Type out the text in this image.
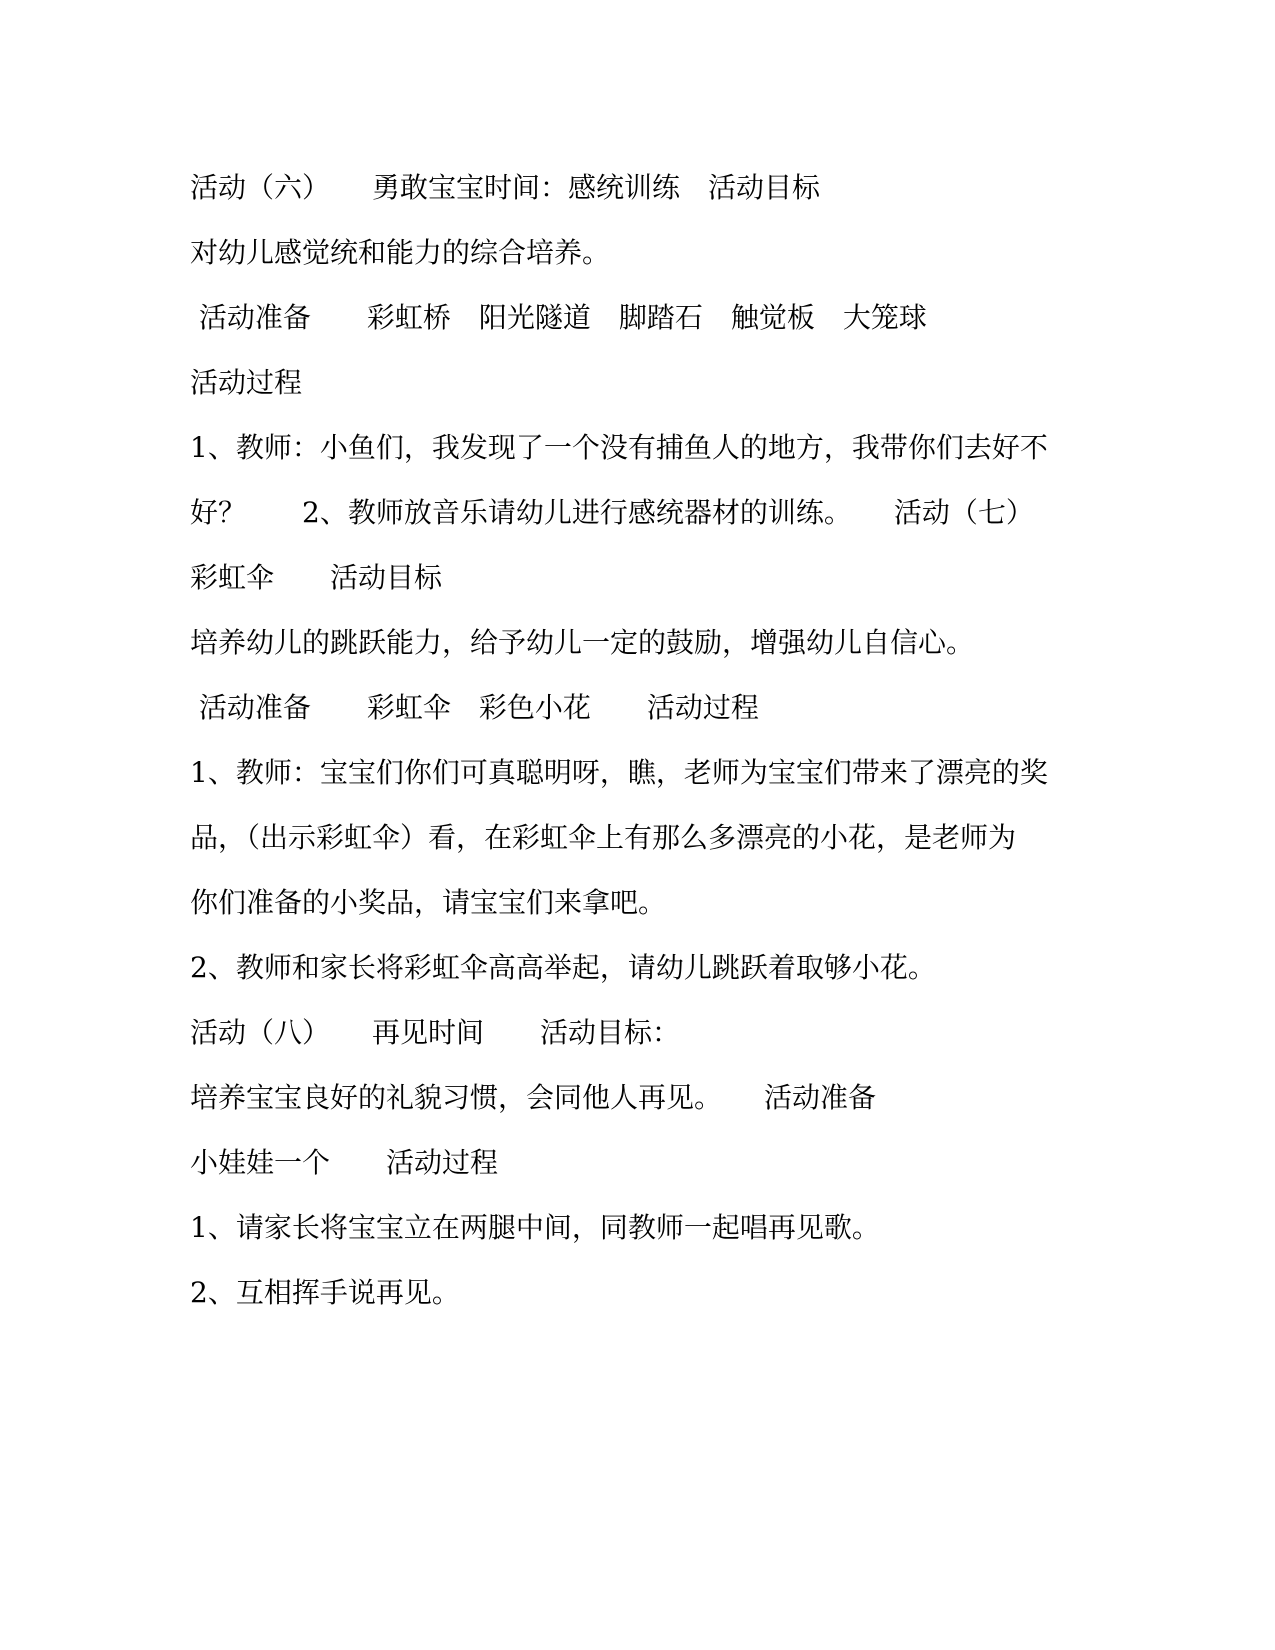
活动（六）　　勇敢宝宝时间：感统训练　活动目标
对幼儿感觉统和能力的综合培养。
活动准备　　彩虹桥　阳光隧道　脚踏石　触觉板　大笼球
活动过程
1、教师：小鱼们，我发现了一个没有捕鱼人的地方，我带你们去好不
好？　　2、教师放音乐请幼儿进行感统器材的训练。　　活动（七）
彩虹伞　　活动目标
培养幼儿的跳跃能力，给予幼儿一定的鼓励，增强幼儿自信心。
活动准备　　彩虹伞　彩色小花　　活动过程
1、教师：宝宝们你们可真聪明呀，瞧，老师为宝宝们带来了漂亮的奖
品，（出示彩虹伞）看，在彩虹伞上有那么多漂亮的小花，是老师为
你们准备的小奖品，请宝宝们来拿吧。
2、教师和家长将彩虹伞高高举起，请幼儿跳跃着取够小花。
活动（八）　　再见时间　　活动目标：
培养宝宝良好的礼貌习惯，会同他人再见。　　活动准备
小娃娃一个　　活动过程
1、请家长将宝宝立在两腿中间，同教师一起唱再见歌。
2、互相挥手说再见。
